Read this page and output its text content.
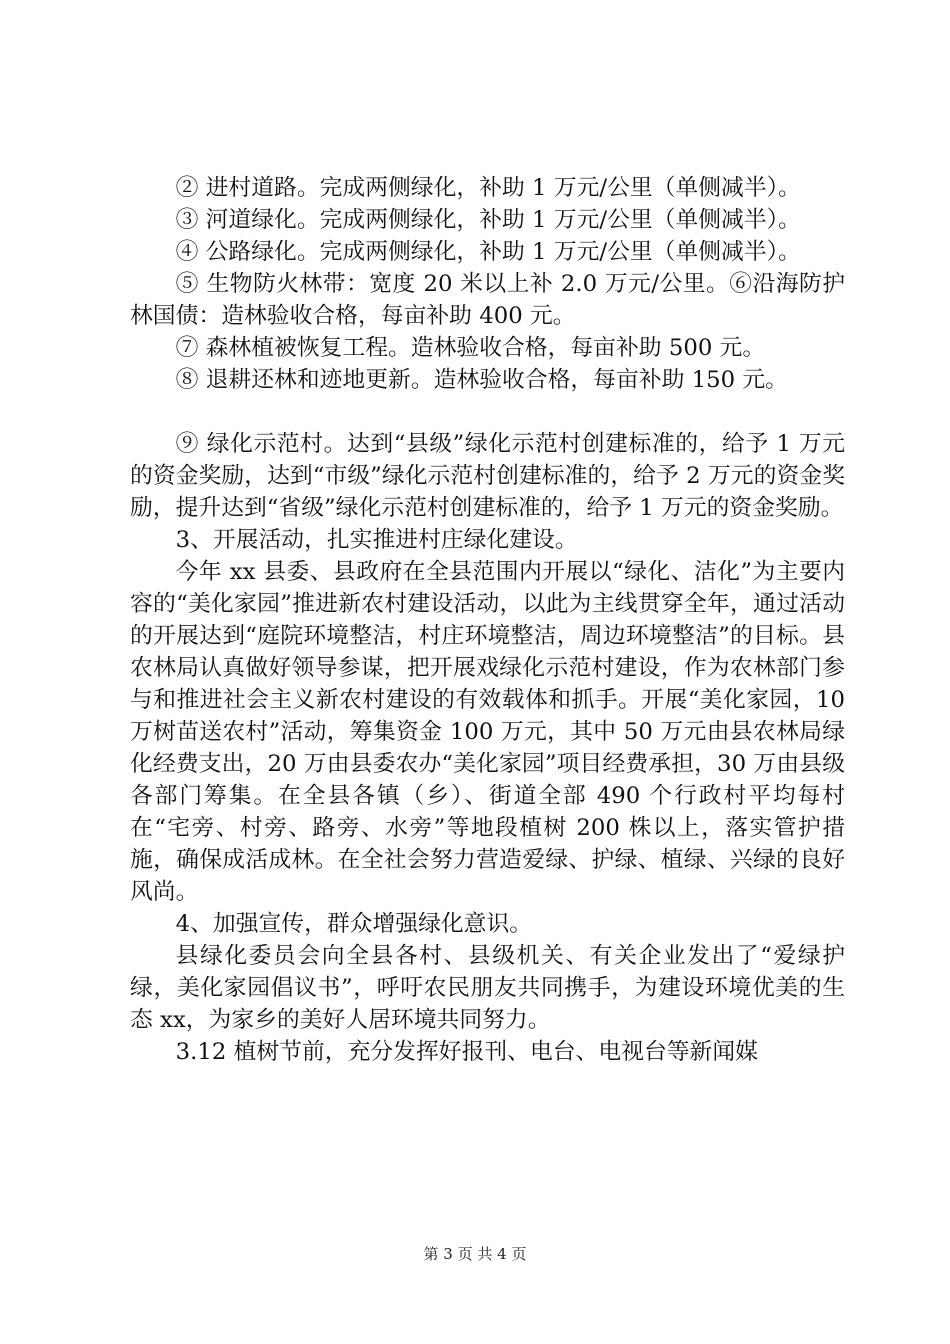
② 进村道路。完成两侧绿化，补助 1 万元/公里（单侧减半）。

③ 河道绿化。完成两侧绿化，补助 1 万元/公里（单侧减半）。

④ 公路绿化。完成两侧绿化，补助 1 万元/公里（单侧减半）。

⑤ 生物防火林带：宽度 20 米以上补 2.0 万元/公里。⑥沿海防护林国债：造林验收合格，每亩补助 400 元。

⑦ 森林植被恢复工程。造林验收合格，每亩补助 500 元。

⑧ 退耕还林和迹地更新。造林验收合格，每亩补助 150 元。

⑨ 绿化示范村。达到“县级”绿化示范村创建标准的，给予 1 万元的资金奖励，达到“市级”绿化示范村创建标准的，给予 2 万元的资金奖励，提升达到“省级”绿化示范村创建标准的，给予 1 万元的资金奖励。

3、开展活动，扎实推进村庄绿化建设。

今年 xx 县委、县政府在全县范围内开展以“绿化、洁化”为主要内容的“美化家园”推进新农村建设活动，以此为主线贯穿全年，通过活动的开展达到“庭院环境整洁，村庄环境整洁，周边环境整洁”的目标。县农林局认真做好领导参谋，把开展戏绿化示范村建设，作为农林部门参与和推进社会主义新农村建设的有效载体和抓手。开展“美化家园，10 万树苗送农村”活动，筹集资金 100 万元，其中 50 万元由县农林局绿化经费支出，20 万由县委农办“美化家园”项目经费承担，30 万由县级各部门筹集。在全县各镇（乡）、街道全部 490 个行政村平均每村在“宅旁、村旁、路旁、水旁”等地段植树 200 株以上，落实管护措施，确保成活成林。在全社会努力营造爱绿、护绿、植绿、兴绿的良好风尚。

4、加强宣传，群众增强绿化意识。

县绿化委员会向全县各村、县级机关、有关企业发出了“爱绿护绿，美化家园倡议书”，呼吁农民朋友共同携手，为建设环境优美的生态 xx，为家乡的美好人居环境共同努力。

3.12 植树节前，充分发挥好报刊、电台、电视台等新闻媒

第 3 页 共 4 页
